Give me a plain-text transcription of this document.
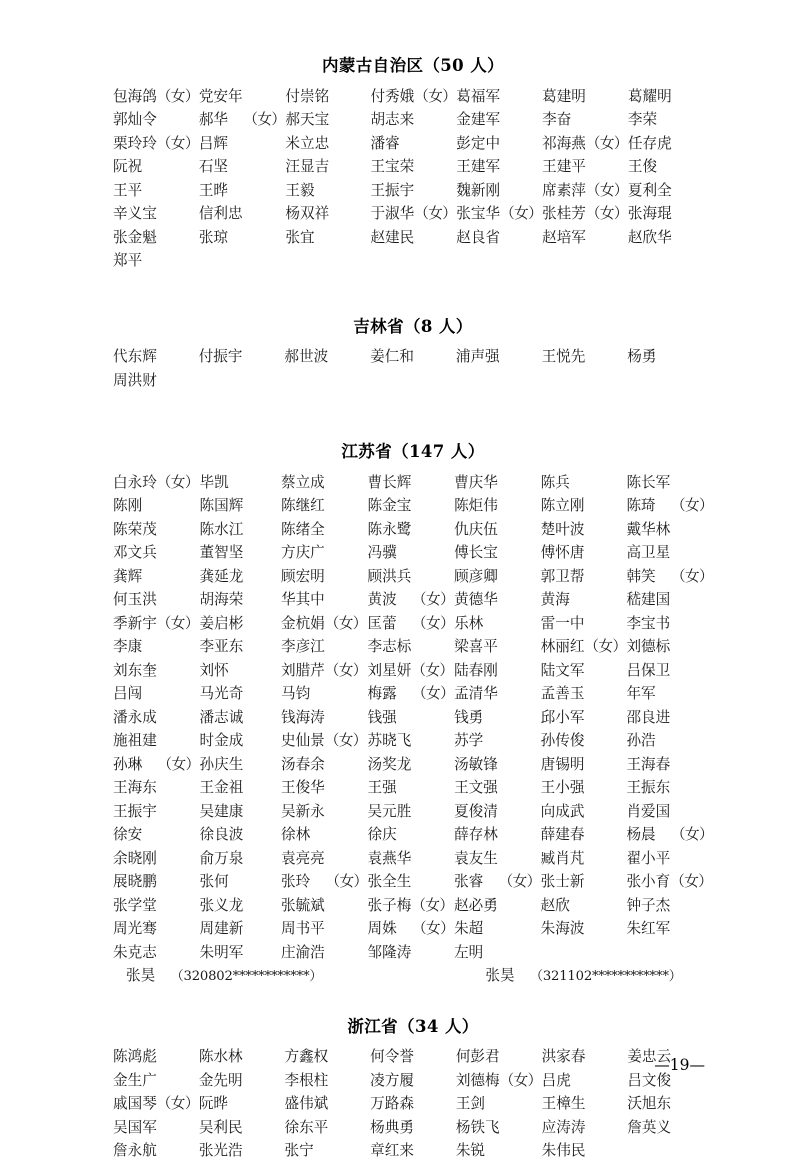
内蒙古自治区（50 人）
包海鸽（女） 党安年	付崇铭	付秀娥（女） 葛福军	葛建明	葛耀明
郭灿令	郝华 （女） 郝天宝	胡志来	金建军	李奋	李荣
栗玲玲（女） 吕辉	米立忠	潘睿	彭定中	祁海燕（女） 任存虎
阮祝	石坚	汪显吉	王宝荣	王建军	王建平	王俊
王平	王晔	王毅	王振宇	魏新刚	席素萍（女） 夏利全
辛义宝	信利忠	杨双祥	于淑华（女） 张宝华（女） 张桂芳（女） 张海琨
张金魁	张琼	张宜	赵建民	赵良省	赵培军	赵欣华
郑平
吉林省（8 人）
代东辉	付振宇	郝世波	姜仁和	浦声强	王悦先	杨勇
周洪财
江苏省（147 人）
白永玲（女） 毕凯	蔡立成	曹长辉	曹庆华	陈兵	陈长军
陈刚	陈国辉	陈继红	陈金宝	陈炬伟	陈立刚	陈琦 （女）
陈荣茂	陈水江	陈绪全	陈永鹭	仇庆伍	楚叶波	戴华林
邓文兵	董智坚	方庆广	冯骥	傅长宝	傅怀唐	高卫星
龚辉	龚延龙	顾宏明	顾洪兵	顾彦卿	郭卫帮	韩笑 （女）
何玉洪	胡海荣	华其中	黄波 （女） 黄德华	黄海	嵇建国
季新宇（女） 姜启彬	金杭娟（女） 匡蕾 （女） 乐林	雷一中	李宝书
李康	李亚东	李彦江	李志标	梁喜平	林丽红（女） 刘德标
刘东奎	刘怀	刘腊芹（女） 刘星妍（女） 陆春刚	陆文军	吕保卫
吕闯	马光奇	马钧	梅露 （女） 孟清华	孟善玉	年军
潘永成	潘志诚	钱海涛	钱强	钱勇	邱小军	邵良进
施祖建	时金成	史仙景（女） 苏晓飞	苏学	孙传俊	孙浩
孙琳 （女） 孙庆生	汤春余	汤奖龙	汤敏锋	唐锡明	王海春
王海东	王金祖	王俊华	王强	王文强	王小强	王振东
王振宇	吴建康	吴新永	吴元胜	夏俊清	向成武	肖爱国
徐安	徐良波	徐林	徐庆	薛存林	薛建春	杨晨 （女）
余晓刚	俞万泉	袁亮亮	袁燕华	袁友生	臧肖芃	翟小平
展晓鹏	张何	张玲 （女） 张全生	张睿 （女） 张士新	张小育（女）
张学堂	张义龙	张毓斌	张子梅（女） 赵必勇	赵欣	钟子杰
周光骞	周建新	周书平	周姝 （女） 朱超	朱海波	朱红军
朱克志	朱明军	庄渝浩	邹隆涛	左明
张昊 （320802************）	张昊 （321102************）
浙江省（34 人）
陈鸿彪	陈水林	方鑫权	何令誉	何彭君	洪家春	姜忠云
金生广	金先明	李根柱	凌方履	刘德梅（女） 吕虎	吕文俊
戚国琴（女） 阮晔	盛伟斌	万路森	王剑	王樟生	沃旭东
吴国军	吴利民	徐东平	杨典勇	杨铁飞	应涛涛	詹英义
詹永航	张光浩	张宁	章红来	朱锐	朱伟民
—19—
